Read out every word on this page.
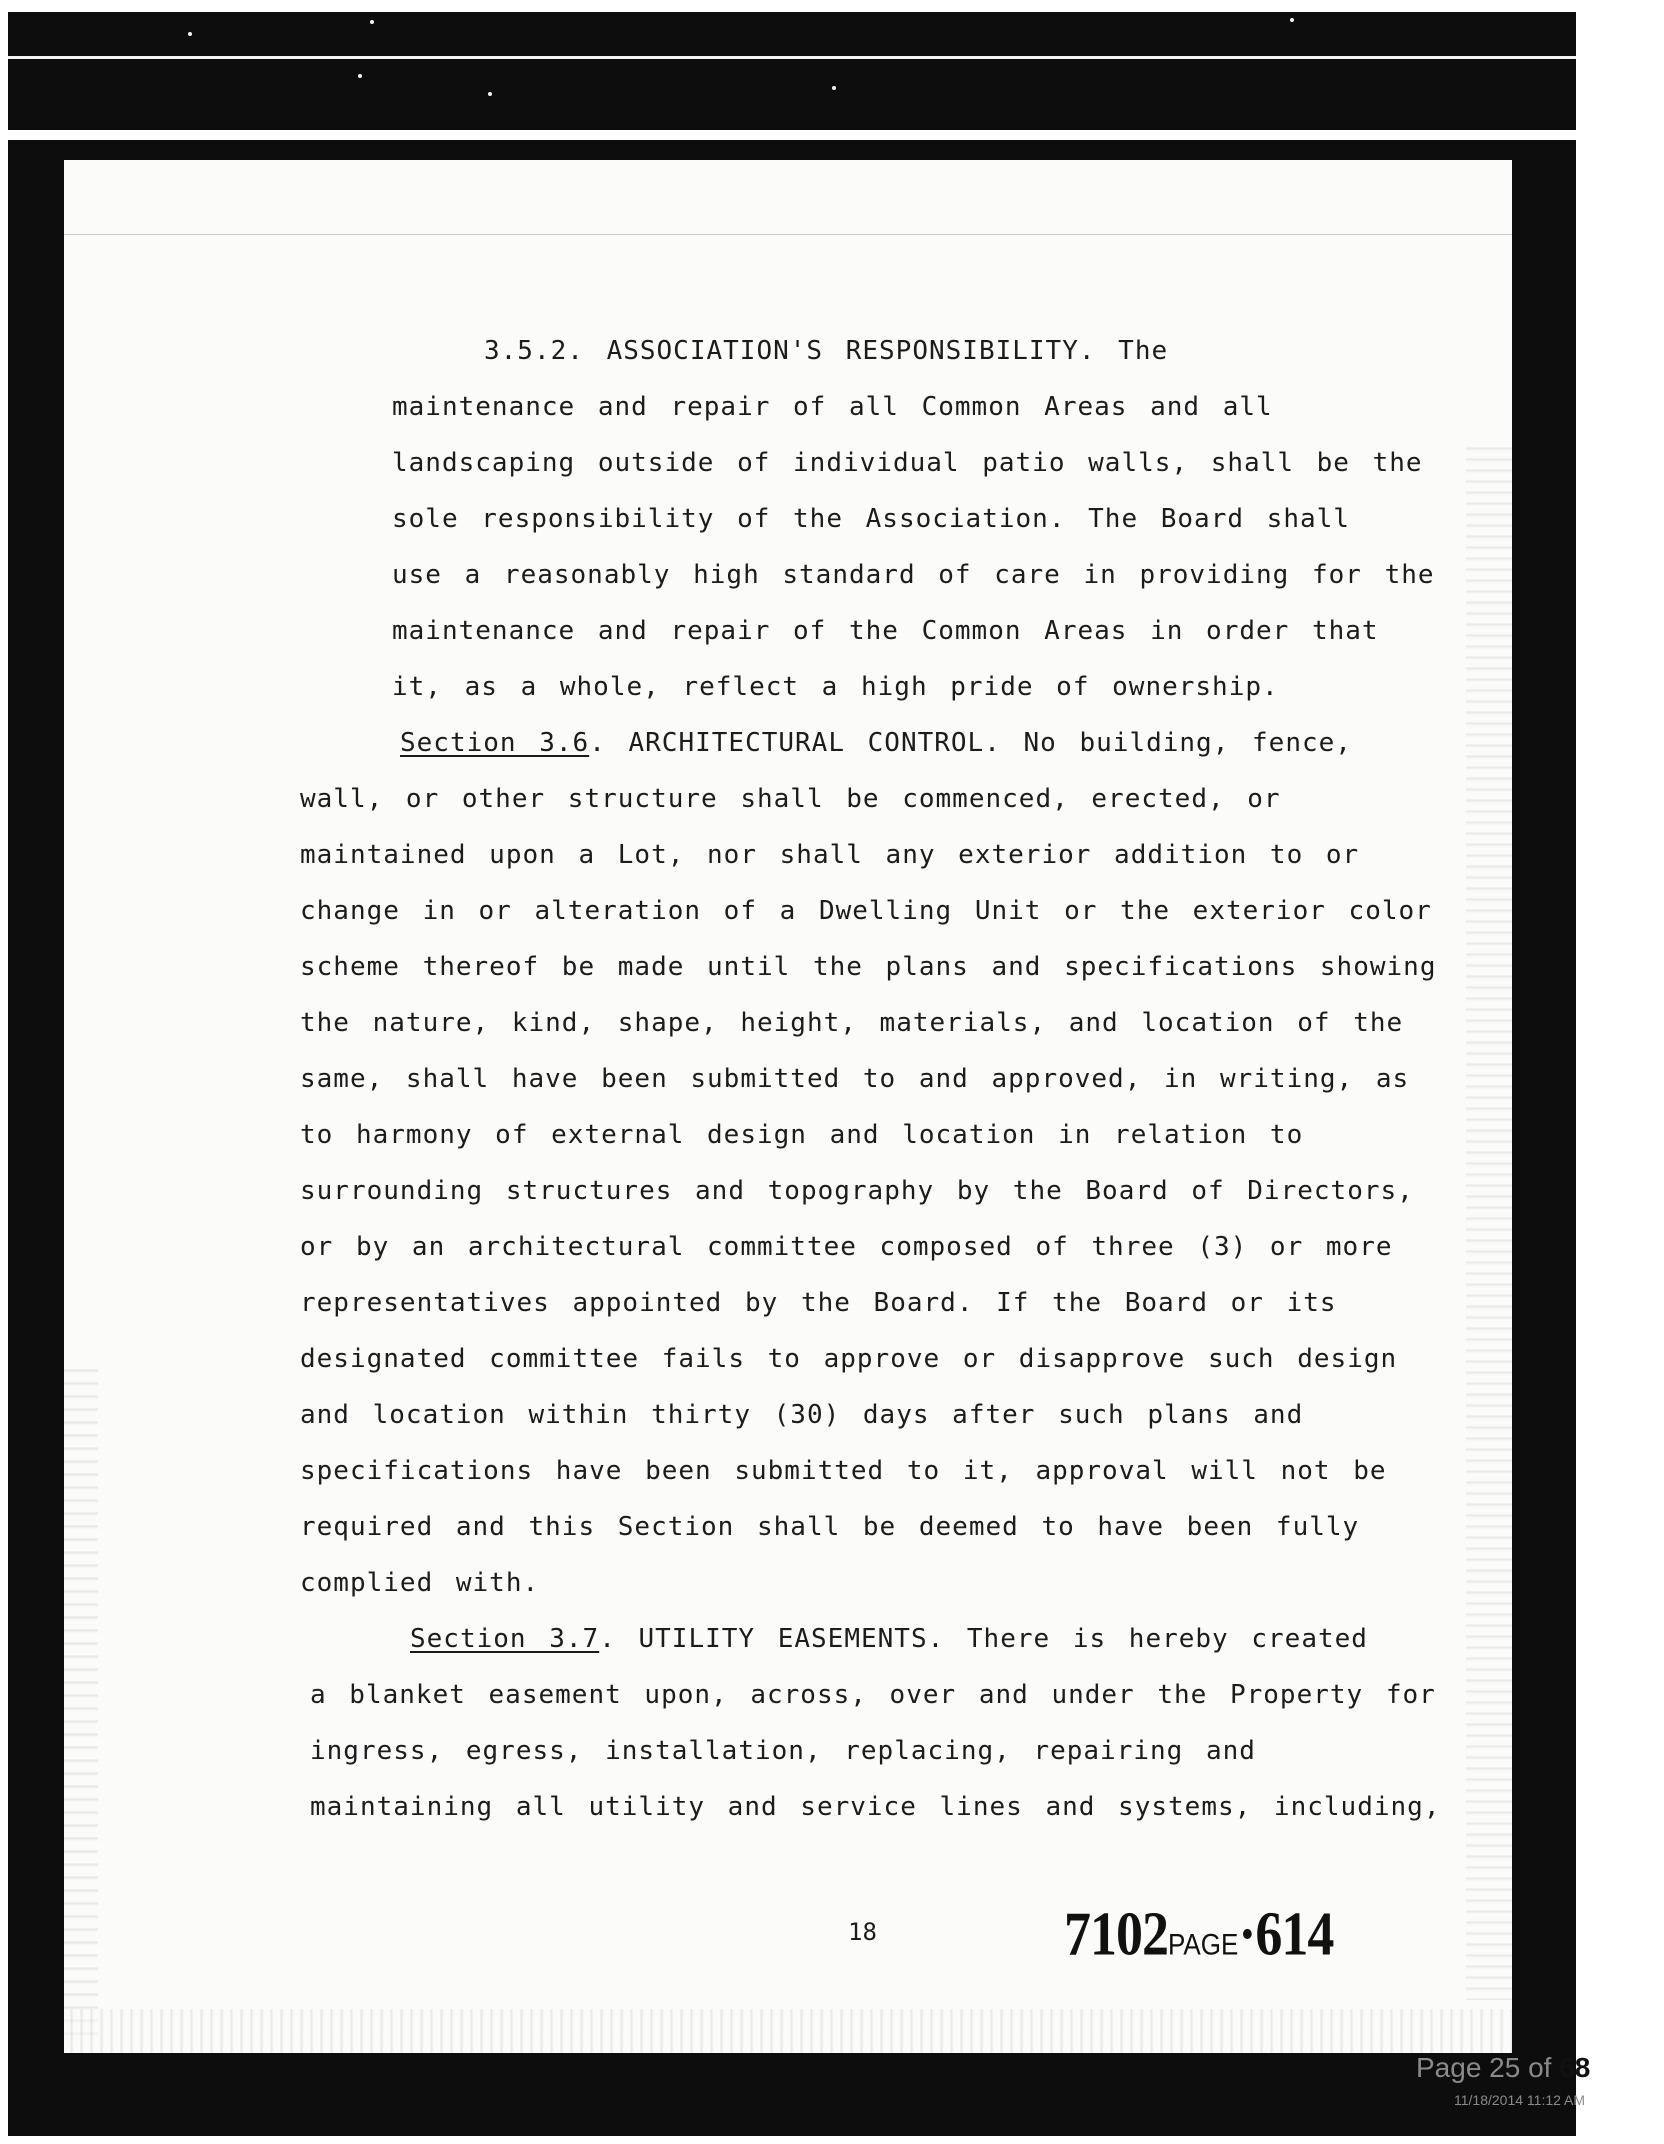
3.5.2. ASSOCIATION'S RESPONSIBILITY. The

maintenance and repair of all Common Areas and all

landscaping outside of individual patio walls, shall be the

sole responsibility of the Association. The Board shall

use a reasonably high standard of care in providing for the

maintenance and repair of the Common Areas in order that

it, as a whole, reflect a high pride of ownership.

Section 3.6. ARCHITECTURAL CONTROL. No building, fence,

wall, or other structure shall be commenced, erected, or

maintained upon a Lot, nor shall any exterior addition to or

change in or alteration of a Dwelling Unit or the exterior color

scheme thereof be made until the plans and specifications showing

the nature, kind, shape, height, materials, and location of the

same, shall have been submitted to and approved, in writing, as

to harmony of external design and location in relation to

surrounding structures and topography by the Board of Directors,

or by an architectural committee composed of three (3) or more

representatives appointed by the Board. If the Board or its

designated committee fails to approve or disapprove such design

and location within thirty (30) days after such plans and

specifications have been submitted to it, approval will not be

required and this Section shall be deemed to have been fully

complied with.

Section 3.7. UTILITY EASEMENTS. There is hereby created

a blanket easement upon, across, over and under the Property for

ingress, egress, installation, replacing, repairing and

maintaining all utility and service lines and systems, including,

18	7102PAGE·614
Page 25 of 68
11/18/2014 11:12 AM
